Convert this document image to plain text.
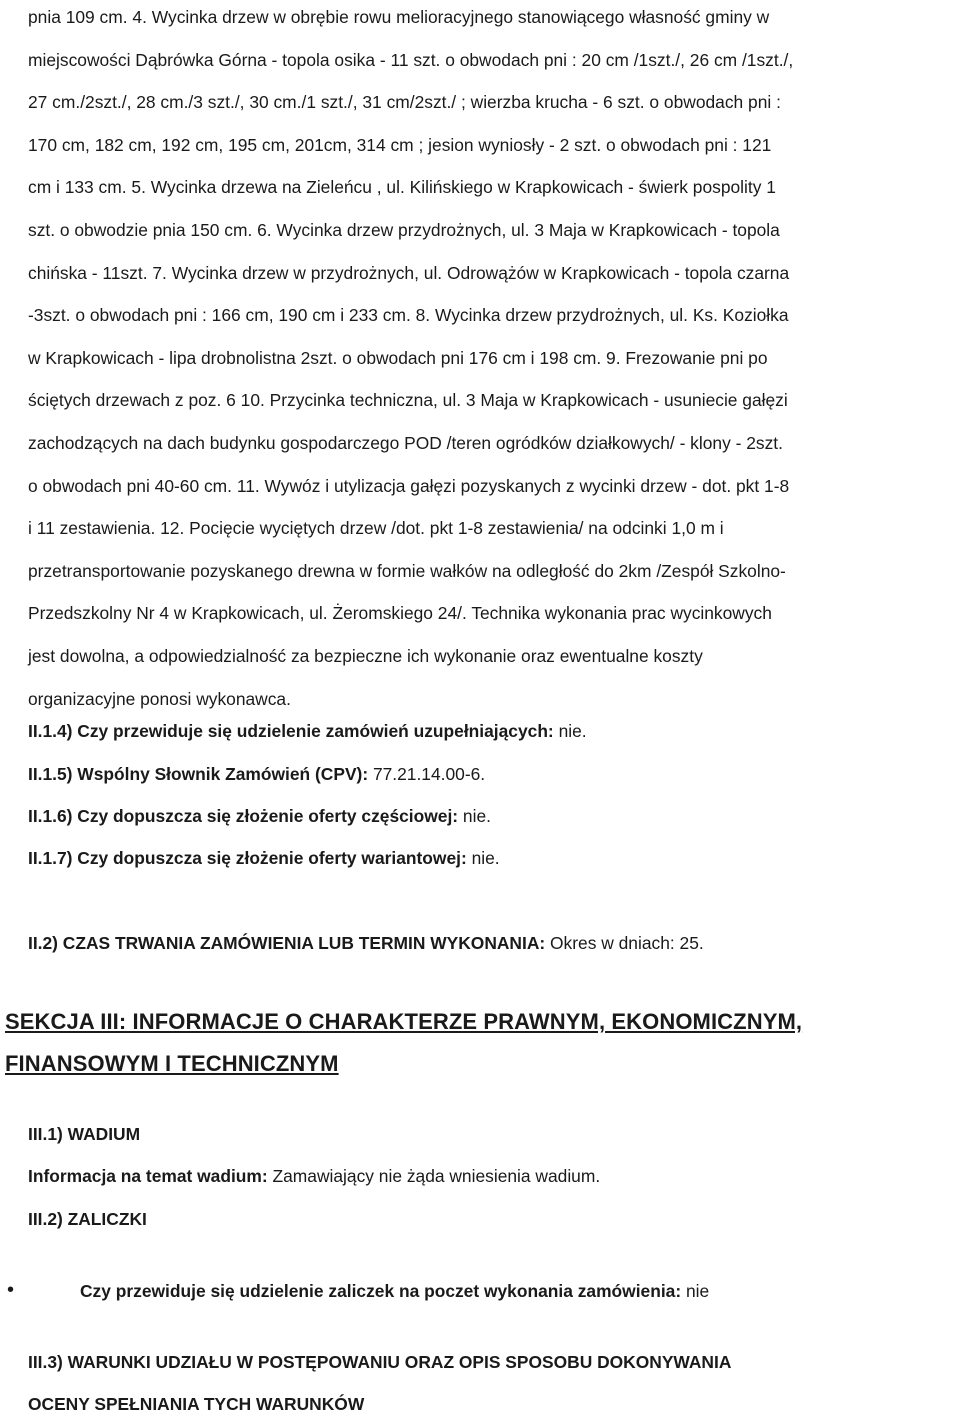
pnia 109 cm. 4. Wycinka drzew w obrębie rowu melioracyjnego stanowiącego własność gminy w
miejscowości Dąbrówka Górna - topola osika - 11 szt. o obwodach pni : 20 cm /1szt./, 26 cm /1szt./,
27 cm./2szt./, 28 cm./3 szt./, 30 cm./1 szt./, 31 cm/2szt./ ; wierzba krucha - 6 szt. o obwodach pni :
170 cm, 182 cm, 192 cm, 195 cm, 201cm, 314 cm ; jesion wyniosły - 2 szt. o obwodach pni : 121
cm i 133 cm. 5. Wycinka drzewa na Zieleńcu , ul. Kilińskiego w Krapkowicach - świerk pospolity 1
szt. o obwodzie pnia 150 cm. 6. Wycinka drzew przydrożnych, ul. 3 Maja w Krapkowicach - topola
chińska - 11szt. 7. Wycinka drzew w przydrożnych, ul. Odrowążów w Krapkowicach - topola czarna
-3szt. o obwodach pni : 166 cm, 190 cm i 233 cm. 8. Wycinka drzew przydrożnych, ul. Ks. Koziołka
w Krapkowicach - lipa drobnolistna 2szt. o obwodach pni 176 cm i 198 cm. 9. Frezowanie pni po
ściętych drzewach z poz. 6 10. Przycinka techniczna, ul. 3 Maja w Krapkowicach - usuniecie gałęzi
zachodzących na dach budynku gospodarczego POD /teren ogródków działkowych/ - klony - 2szt.
o obwodach pni 40-60 cm. 11. Wywóz i utylizacja gałęzi pozyskanych z wycinki drzew - dot. pkt 1-8
i 11 zestawienia. 12. Pocięcie wyciętych drzew /dot. pkt 1-8 zestawienia/ na odcinki 1,0 m i
przetransportowanie pozyskanego drewna w formie wałków na odległość do 2km /Zespół Szkolno-
Przedszkolny Nr 4 w Krapkowicach, ul. Żeromskiego 24/. Technika wykonania prac wycinkowych
jest dowolna, a odpowiedzialność za bezpieczne ich wykonanie oraz ewentualne koszty
organizacyjne ponosi wykonawca.
II.1.4) Czy przewiduje się udzielenie zamówień uzupełniających: nie.
II.1.5) Wspólny Słownik Zamówień (CPV): 77.21.14.00-6.
II.1.6) Czy dopuszcza się złożenie oferty częściowej: nie.
II.1.7) Czy dopuszcza się złożenie oferty wariantowej: nie.
II.2) CZAS TRWANIA ZAMÓWIENIA LUB TERMIN WYKONANIA: Okres w dniach: 25.
SEKCJA III: INFORMACJE O CHARAKTERZE PRAWNYM, EKONOMICZNYM,
FINANSOWYM I TECHNICZNYM
III.1) WADIUM
Informacja na temat wadium: Zamawiający nie żąda wniesienia wadium.
III.2) ZALICZKI
•	Czy przewiduje się udzielenie zaliczek na poczet wykonania zamówienia: nie
III.3) WARUNKI UDZIAŁU W POSTĘPOWANIU ORAZ OPIS SPOSOBU DOKONYWANIA
OCENY SPEŁNIANIA TYCH WARUNKÓW
